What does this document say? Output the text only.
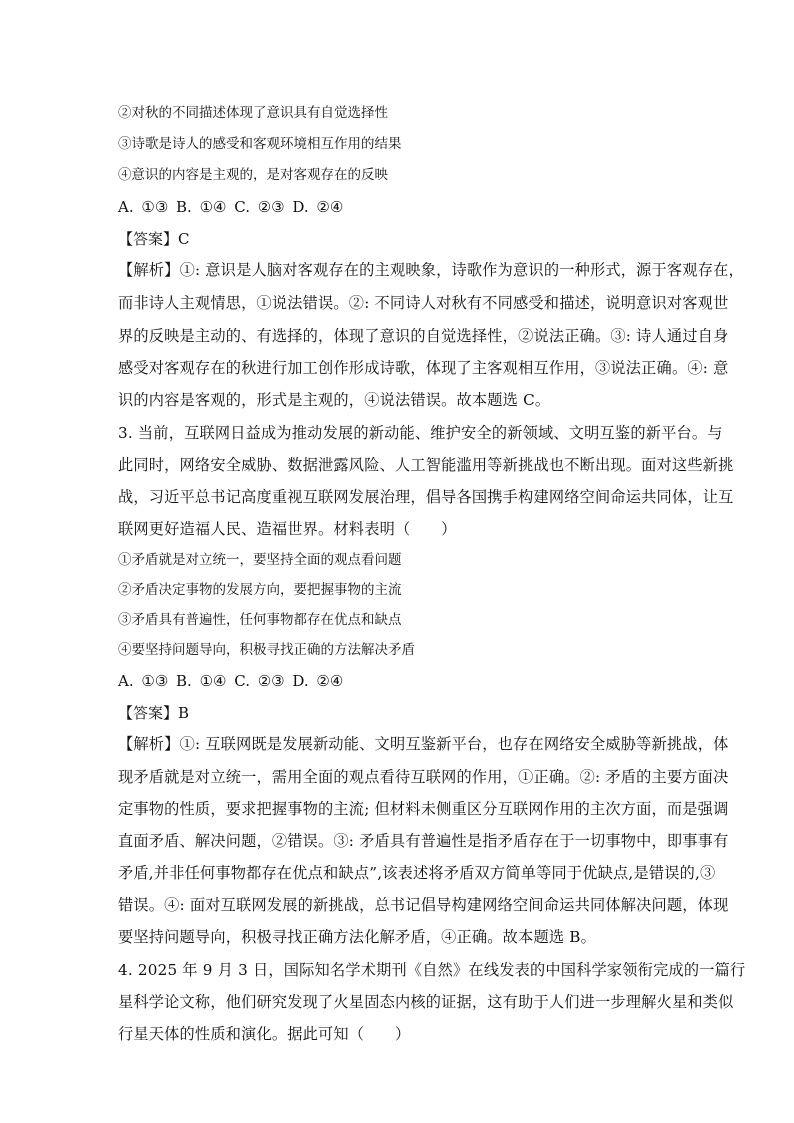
②对秋的不同描述体现了意识具有自觉选择性
③诗歌是诗人的感受和客观环境相互作用的结果
④意识的内容是主观的，是对客观存在的反映
A. ①③ B. ①④ C. ②③ D. ②④
【答案】C
【解析】①: 意识是人脑对客观存在的主观映象，诗歌作为意识的一种形式，源于客观存在，
而非诗人主观情思，①说法错误。②: 不同诗人对秋有不同感受和描述，说明意识对客观世
界的反映是主动的、有选择的，体现了意识的自觉选择性，②说法正确。③: 诗人通过自身
感受对客观存在的秋进行加工创作形成诗歌，体现了主客观相互作用，③说法正确。④: 意
识的内容是客观的，形式是主观的，④说法错误。故本题选 C。
3. 当前，互联网日益成为推动发展的新动能、维护安全的新领域、文明互鉴的新平台。与
此同时，网络安全威胁、数据泄露风险、人工智能滥用等新挑战也不断出现。面对这些新挑
战，习近平总书记高度重视互联网发展治理，倡导各国携手构建网络空间命运共同体，让互
联网更好造福人民、造福世界。材料表明（　　）
①矛盾就是对立统一，要坚持全面的观点看问题
②矛盾决定事物的发展方向，要把握事物的主流
③矛盾具有普遍性，任何事物都存在优点和缺点
④要坚持问题导向，积极寻找正确的方法解决矛盾
A. ①③ B. ①④ C. ②③ D. ②④
【答案】B
【解析】①: 互联网既是发展新动能、文明互鉴新平台，也存在网络安全威胁等新挑战，体
现矛盾就是对立统一，需用全面的观点看待互联网的作用，①正确。②: 矛盾的主要方面决
定事物的性质，要求把握事物的主流; 但材料未侧重区分互联网作用的主次方面，而是强调
直面矛盾、解决问题，②错误。③: 矛盾具有普遍性是指矛盾存在于一切事物中，即事事有
矛盾,并非任何事物都存在优点和缺点”,该表述将矛盾双方简单等同于优缺点,是错误的,③
错误。④: 面对互联网发展的新挑战，总书记倡导构建网络空间命运共同体解决问题，体现
要坚持问题导向，积极寻找正确方法化解矛盾，④正确。故本题选 B。
4. 2025 年 9 月 3 日，国际知名学术期刊《自然》在线发表的中国科学家领衔完成的一篇行
星科学论文称，他们研究发现了火星固态内核的证据，这有助于人们进一步理解火星和类似
行星天体的性质和演化。据此可知（　　）
